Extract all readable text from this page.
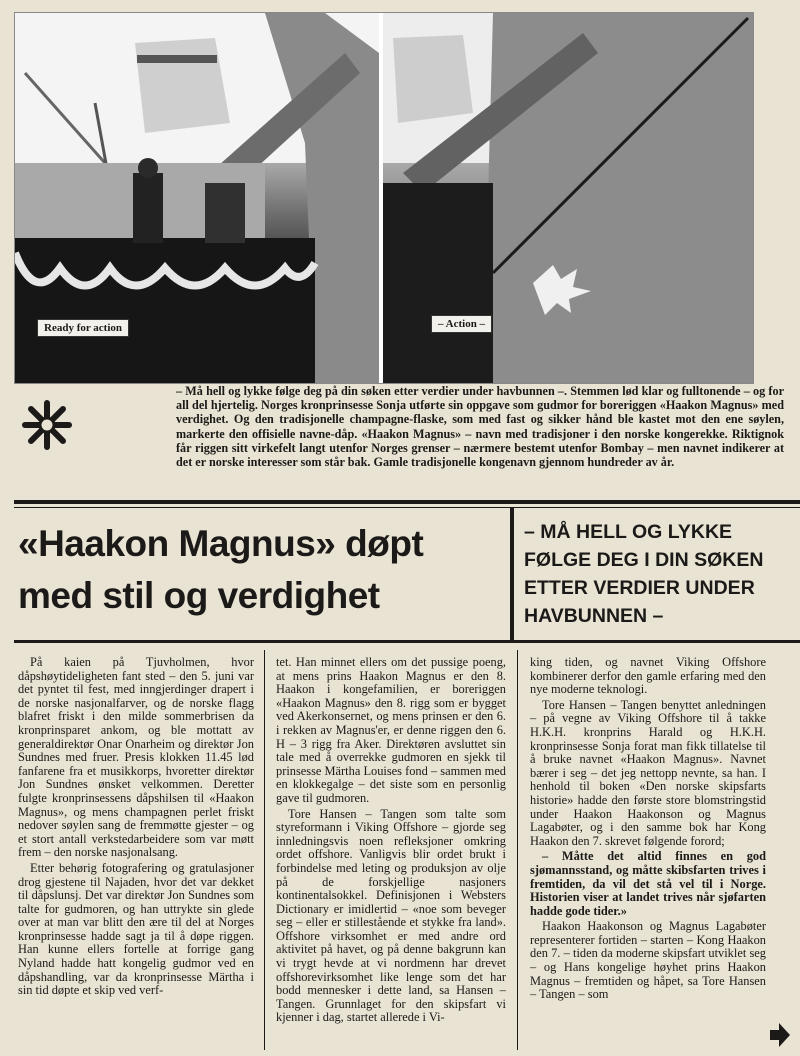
Ready for action	– Action –
– Må hell og lykke følge deg på din søken etter verdier under havbunnen –. Stemmen lød klar og fulltonende – og for all del hjertelig. Norges kronprinsesse Sonja utførte sin oppgave som gudmor for boreriggen «Haakon Magnus» med verdighet. Og den tradisjonelle champagne-flaske, som med fast og sikker hånd ble kastet mot den ene søylen, markerte den offisielle navne-dåp. «Haakon Magnus» – navn med tradisjoner i den norske kongerekke. Riktignok får riggen sitt virkefelt langt utenfor Norges grenser – nærmere bestemt utenfor Bombay – men navnet indikerer at det er norske interesser som står bak. Gamle tradisjonelle kongenavn gjennom hundreder av år.
«Haakon Magnus» døpt
med stil og verdighet
– MÅ HELL OG LYKKE FØLGE DEG I DIN SØKEN ETTER VERDIER UNDER HAVBUNNEN –

På kaien på Tjuvholmen, hvor dåpshøytideligheten fant sted – den 5. juni var det pyntet til fest, med inngjerdinger drapert i de norske nasjonalfarver, og de norske flagg blafret friskt i den milde sommerbrisen da kronprinsparet ankom, og ble mottatt av generaldirektør Onar Onarheim og direktør Jon Sundnes med fruer. Presis klokken 11.45 lød fanfarene fra et musikkorps, hvoretter direktør Jon Sundnes ønsket velkommen. Deretter fulgte kronprinsessens dåpshilsen til «Haakon Magnus», og mens champagnen perlet friskt nedover søylen sang de fremmøtte gjester – og et stort antall verkstedarbeidere som var møtt frem – den norske nasjonalsang.

Etter behørig fotografering og gratulasjoner drog gjestene til Najaden, hvor det var dekket til dåpslunsj. Det var direktør Jon Sundnes som talte for gudmoren, og han uttrykte sin glede over at man var blitt den ære til del at Norges kronprinsesse hadde sagt ja til å døpe riggen. Han kunne ellers fortelle at forrige gang Nyland hadde hatt kongelig gudmor ved en dåpshandling, var da kronprinsesse Märtha i sin tid døpte et skip ved verf-

tet. Han minnet ellers om det pussige poeng, at mens prins Haakon Magnus er den 8. Haakon i kongefamilien, er boreriggen «Haakon Magnus» den 8. rigg som er bygget ved Akerkonsernet, og mens prinsen er den 6. i rekken av Magnus'er, er denne riggen den 6. H – 3 rigg fra Aker. Direktøren avsluttet sin tale med å overrekke gudmoren en sjekk til prinsesse Märtha Louises fond – sammen med en klokkegalge – det siste som en personlig gave til gudmoren.

Tore Hansen – Tangen som talte som styreformann i Viking Offshore – gjorde seg innledningsvis noen refleksjoner omkring ordet offshore. Vanligvis blir ordet brukt i forbindelse med leting og produksjon av olje på de forskjellige nasjoners kontinentalsokkel. Definisjonen i Websters Dictionary er imidlertid – «noe som beveger seg – eller er stillestående et stykke fra land». Offshore virksomhet er med andre ord aktivitet på havet, og på denne bakgrunn kan vi trygt hevde at vi nordmenn har drevet offshorevirksomhet like lenge som det har bodd mennesker i dette land, sa Hansen – Tangen. Grunnlaget for den skipsfart vi kjenner i dag, startet allerede i Vi-

king tiden, og navnet Viking Offshore kombinerer derfor den gamle erfaring med den nye moderne teknologi.

Tore Hansen – Tangen benyttet anledningen – på vegne av Viking Offshore til å takke H.K.H. kronprins Harald og H.K.H. kronprinsesse Sonja forat man fikk tillatelse til å bruke navnet «Haakon Magnus». Navnet bærer i seg – det jeg nettopp nevnte, sa han. I henhold til boken «Den norske skipsfarts historie» hadde den første store blomstringstid under Haakon Haakonson og Magnus Lagabøter, og i den samme bok har Kong Haakon den 7. skrevet følgende forord;

– Måtte det altid finnes en god sjømannsstand, og måtte skibsfarten trives i fremtiden, da vil det stå vel til i Norge. Historien viser at landet trives når sjøfarten hadde gode tider.»

Haakon Haakonson og Magnus Lagabøter representerer fortiden – starten – Kong Haakon den 7. – tiden da moderne skipsfart utviklet seg – og Hans kongelige høyhet prins Haakon Magnus – fremtiden og håpet, sa Tore Hansen – Tangen – som
